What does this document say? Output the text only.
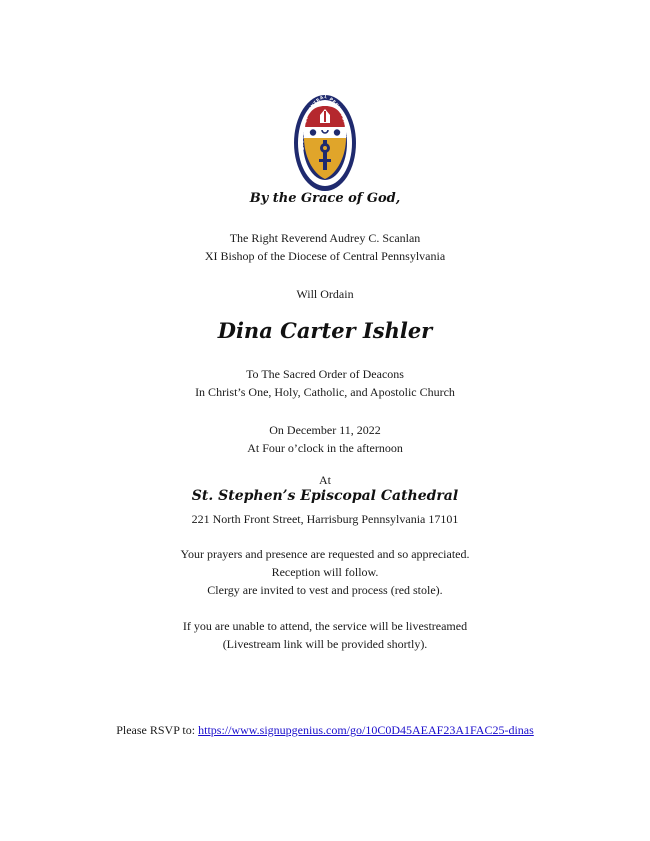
DIOCESE OF CENTRAL PENNSYLVANIA
By the Grace of God,

The Right Reverend Audrey C. Scanlan

XI Bishop of the Diocese of Central Pennsylvania

Will Ordain
Dina Carter Ishler

To The Sacred Order of Deacons

In Christ’s One, Holy, Catholic, and Apostolic Church

On December 11, 2022

At Four o’clock in the afternoon

At
St. Stephen’s Episcopal Cathedral
221 North Front Street, Harrisburg Pennsylvania 17101

Your prayers and presence are requested and so appreciated.

Reception will follow.

Clergy are invited to vest and process (red stole).

If you are unable to attend, the service will be livestreamed

(Livestream link will be provided shortly).

Please RSVP to: https://www.signupgenius.com/go/10C0D45AEAF23A1FAC25-dinas
